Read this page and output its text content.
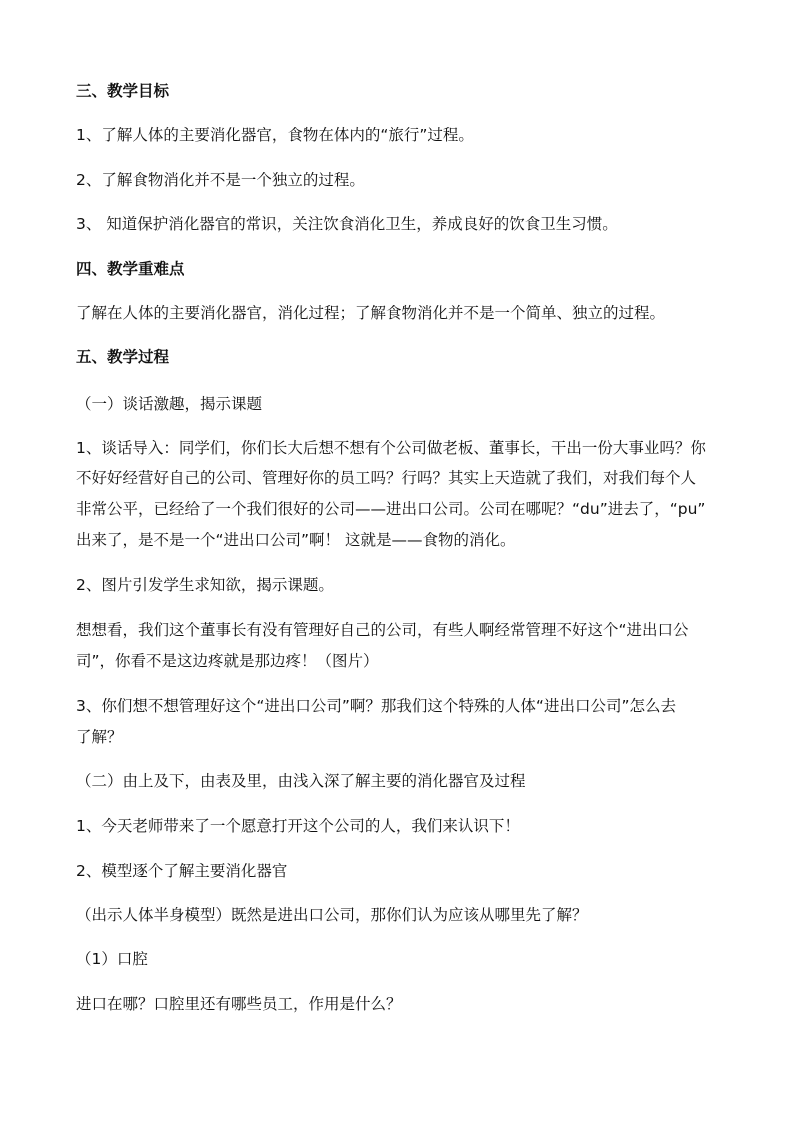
三、教学目标

1、了解人体的主要消化器官，食物在体内的“旅行”过程。

2、了解食物消化并不是一个独立的过程。

3、 知道保护消化器官的常识，关注饮食消化卫生，养成良好的饮食卫生习惯。

四、教学重难点

了解在人体的主要消化器官，消化过程；了解食物消化并不是一个简单、独立的过程。

五、教学过程

（一）谈话激趣，揭示课题

1、谈话导入：同学们，你们长大后想不想有个公司做老板、董事长，干出一份大事业吗？你

不好好经营好自己的公司、管理好你的员工吗？行吗？其实上天造就了我们，对我们每个人

非常公平，已经给了一个我们很好的公司——进出口公司。公司在哪呢？“du”进去了，“pu”

出来了，是不是一个“进出口公司”啊！ 这就是——食物的消化。

2、图片引发学生求知欲，揭示课题。

想想看，我们这个董事长有没有管理好自己的公司，有些人啊经常管理不好这个“进出口公

司”，你看不是这边疼就是那边疼！（图片）

3、你们想不想管理好这个“进出口公司”啊？那我们这个特殊的人体“进出口公司”怎么去

了解？

（二）由上及下，由表及里，由浅入深了解主要的消化器官及过程

1、今天老师带来了一个愿意打开这个公司的人，我们来认识下！

2、模型逐个了解主要消化器官

（出示人体半身模型）既然是进出口公司，那你们认为应该从哪里先了解？

（1）口腔

进口在哪？口腔里还有哪些员工，作用是什么？
